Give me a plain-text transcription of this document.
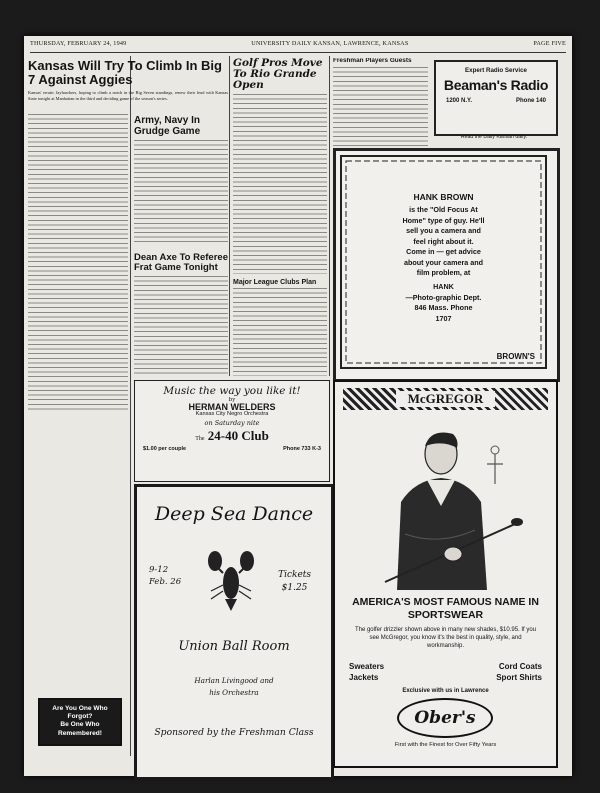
THURSDAY, FEBRUARY 24, 1949	UNIVERSITY DAILY KANSAN, LAWRENCE, KANSAS	PAGE FIVE
Kansas Will Try To Climb In Big 7 Against Aggies
Kansas' erratic Jayhawkers, hoping to climb a notch in the Big Seven standings, renew their feud with Kansas State tonight at Manhattan in the third and deciding game of the season's series.
Are You One Who
Forgot?
Be One Who
Remembered!
Army, Navy In Grudge Game
Dean Axe To Referee Frat Game Tonight
Golf Pros Move To Rio Grande Open
Major League Clubs Plan
Freshman Players Guests
Expert Radio Service
Beaman's Radio
1200 N.Y.	Phone 140
Read the Daily Kansan daily.
HANK BROWN
is the "Old Focus At
Home" type of guy. He'll
sell you a camera and
feel right about it.
Come in — get advice
about your camera and
film problem, at
HANK
—Photo-graphic Dept.
846 Mass. Phone
1707
BROWN'S
Music the way you like it!
by
HERMAN WELDERS
Kansas City Negro Orchestra
on Saturday nite
The 24-40 Club
$1.00 per couple	Phone 733 K-3
Deep Sea Dance
9-12
Feb. 26
Tickets
$1.25
Union Ball Room
Harlan Livingood and
his Orchestra
Sponsored by the Freshman Class
McGREGOR
AMERICA'S MOST FAMOUS NAME IN SPORTSWEAR
The golfer drizzler shown above in many new shades, $10.95. If you see McGregor, you know it's the best in quality, style, and workmanship.
Sweaters	Cord Coats
Jackets	Sport Shirts
Exclusive with us in Lawrence
Ober's
First with the Finest for Over Fifty Years
